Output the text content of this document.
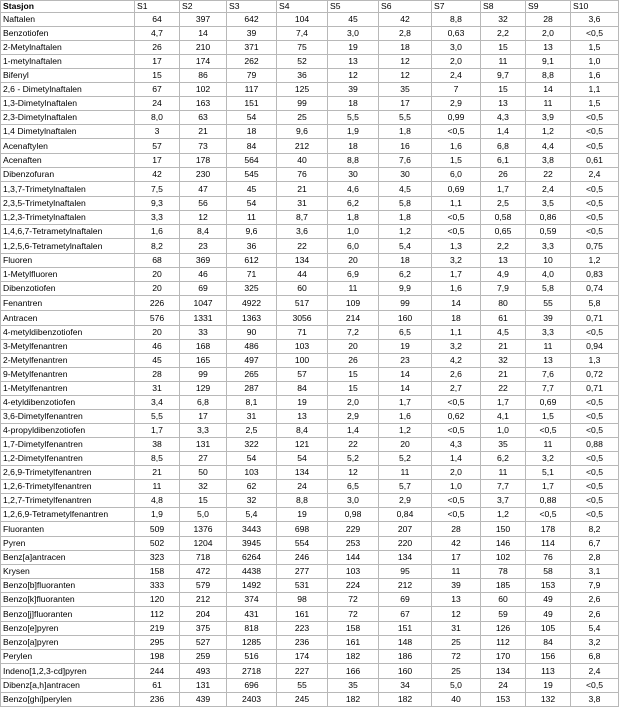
Stasjon	S1	S2	S3	S4	S5	S6	S7	S8	S9	S10
Naftalen	64	397	642	104	45	42	8,8	32	28	3,6
Benzotiofen	4,7	14	39	7,4	3,0	2,8	0,63	2,2	2,0	<0,5
2-Metylnaftalen	26	210	371	75	19	18	3,0	15	13	1,5
1-metylnaftalen	17	174	262	52	13	12	2,0	11	9,1	1,0
Bifenyl	15	86	79	36	12	12	2,4	9,7	8,8	1,6
2,6 - Dimetylnaftalen	67	102	117	125	39	35	7	15	14	1,1
1,3-Dimetylnaftalen	24	163	151	99	18	17	2,9	13	11	1,5
2,3-Dimetylnaftalen	8,0	63	54	25	5,5	5,5	0,99	4,3	3,9	<0,5
1,4 Dimetylnaftalen	3	21	18	9,6	1,9	1,8	<0,5	1,4	1,2	<0,5
Acenaftylen	57	73	84	212	18	16	1,6	6,8	4,4	<0,5
Acenaften	17	178	564	40	8,8	7,6	1,5	6,1	3,8	0,61
Dibenzofuran	42	230	545	76	30	30	6,0	26	22	2,4
1,3,7-Trimetylnaftalen	7,5	47	45	21	4,6	4,5	0,69	1,7	2,4	<0,5
2,3,5-Trimetylnaftalen	9,3	56	54	31	6,2	5,8	1,1	2,5	3,5	<0,5
1,2,3-Trimetylnaftalen	3,3	12	11	8,7	1,8	1,8	<0,5	0,58	0,86	<0,5
1,4,6,7-Tetrametylnaftalen	1,6	8,4	9,6	3,6	1,0	1,2	<0,5	0,65	0,59	<0,5
1,2,5,6-Tetrametylnaftalen	8,2	23	36	22	6,0	5,4	1,3	2,2	3,3	0,75
Fluoren	68	369	612	134	20	18	3,2	13	10	1,2
1-Metylfluoren	20	46	71	44	6,9	6,2	1,7	4,9	4,0	0,83
Dibenzotiofen	20	69	325	60	11	9,9	1,6	7,9	5,8	0,74
Fenantren	226	1047	4922	517	109	99	14	80	55	5,8
Antracen	576	1331	1363	3056	214	160	18	61	39	0,71
4-metyldibenzotiofen	20	33	90	71	7,2	6,5	1,1	4,5	3,3	<0,5
3-Metylfenantren	46	168	486	103	20	19	3,2	21	11	0,94
2-Metylfenantren	45	165	497	100	26	23	4,2	32	13	1,3
9-Metylfenantren	28	99	265	57	15	14	2,6	21	7,6	0,72
1-Metylfenantren	31	129	287	84	15	14	2,7	22	7,7	0,71
4-etyldibenzotiofen	3,4	6,8	8,1	19	2,0	1,7	<0,5	1,7	0,69	<0,5
3,6-Dimetylfenantren	5,5	17	31	13	2,9	1,6	0,62	4,1	1,5	<0,5
4-propyldibenzotiofen	1,7	3,3	2,5	8,4	1,4	1,2	<0,5	1,0	<0,5	<0,5
1,7-Dimetylfenantren	38	131	322	121	22	20	4,3	35	11	0,88
1,2-Dimetylfenantren	8,5	27	54	54	5,2	5,2	1,4	6,2	3,2	<0,5
2,6,9-Trimetylfenantren	21	50	103	134	12	11	2,0	11	5,1	<0,5
1,2,6-Trimetylfenantren	11	32	62	24	6,5	5,7	1,0	7,7	1,7	<0,5
1,2,7-Trimetylfenantren	4,8	15	32	8,8	3,0	2,9	<0,5	3,7	0,88	<0,5
1,2,6,9-Tetrametylfenantren	1,9	5,0	5,4	19	0,98	0,84	<0,5	1,2	<0,5	<0,5
Fluoranten	509	1376	3443	698	229	207	28	150	178	8,2
Pyren	502	1204	3945	554	253	220	42	146	114	6,7
Benz[a]antracen	323	718	6264	246	144	134	17	102	76	2,8
Krysen	158	472	4438	277	103	95	11	78	58	3,1
Benzo[b]fluoranten	333	579	1492	531	224	212	39	185	153	7,9
Benzo[k]fluoranten	120	212	374	98	72	69	13	60	49	2,6
Benzo[j]fluoranten	112	204	431	161	72	67	12	59	49	2,6
Benzo[e]pyren	219	375	818	223	158	151	31	126	105	5,4
Benzo[a]pyren	295	527	1285	236	161	148	25	112	84	3,2
Perylen	198	259	516	174	182	186	72	170	156	6,8
Indeno[1,2,3-cd]pyren	244	493	2718	227	166	160	25	134	113	2,4
Dibenz[a,h]antracen	61	131	696	55	35	34	5,0	24	19	<0,5
Benzo[ghi]perylen	236	439	2403	245	182	182	40	153	132	3,8
